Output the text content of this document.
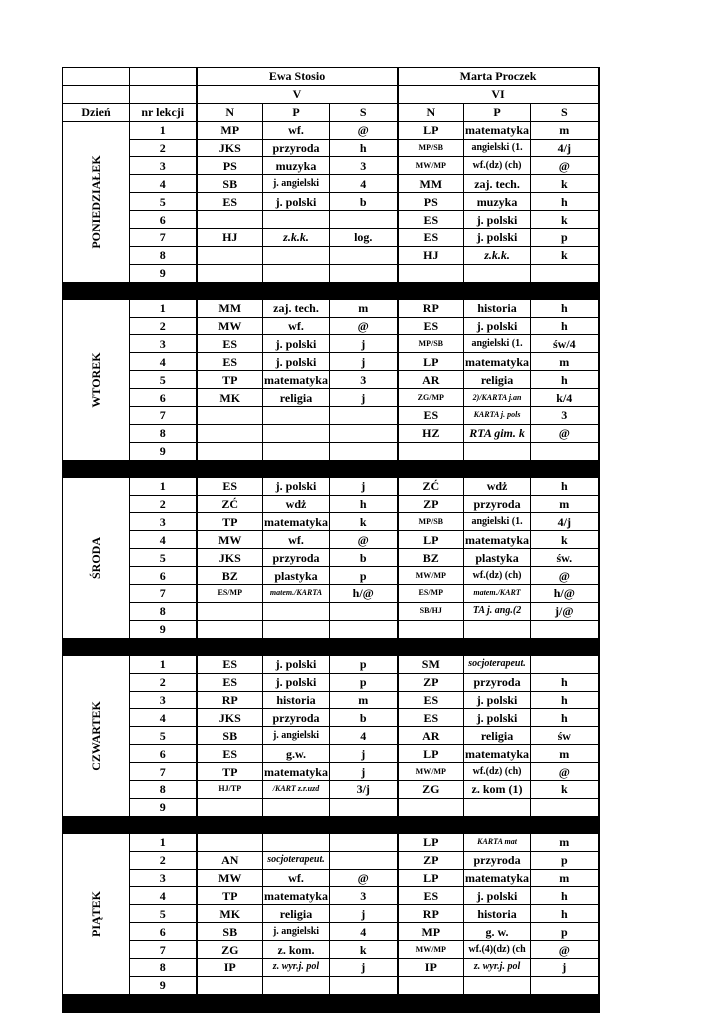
		Ewa Stosio			Marta Proczek		
		V			VI		
Dzień	nr lekcji	N	P	S	N	P	S

PONIEDZIAŁEK	1	MP	wf.	@	LP	matematyka	m
	2	JKS	przyroda	h	MP/SB	angielski (1.	4/j
	3	PS	muzyka	3	MW/MP	wf.(dz) (ch)	@
	4	SB	j. angielski	4	MM	zaj. tech.	k
	5	ES	j. polski	b	PS	muzyka	h
	6				ES	j. polski	k
	7	HJ	z.k.k.	log.	ES	j. polski	p
	8				HJ	z.k.k.	k
	9						

WTOREK	1	MM	zaj. tech.	m	RP	historia	h
	2	MW	wf.	@	ES	j. polski	h
	3	ES	j. polski	j	MP/SB	angielski (1.	św/4
	4	ES	j. polski	j	LP	matematyka	m
	5	TP	matematyka	3	AR	religia	h
	6	MK	religia	j	ZG/MP	2)/KARTA j.an	k/4
	7				ES	KARTA j. pols	3
	8				HZ	RTA gim. k	@
	9						

ŚRODA	1	ES	j. polski	j	ZĆ	wdż	h
	2	ZĆ	wdż	h	ZP	przyroda	m
	3	TP	matematyka	k	MP/SB	angielski (1.	4/j
	4	MW	wf.	@	LP	matematyka	k
	5	JKS	przyroda	b	BZ	plastyka	św.
	6	BZ	plastyka	p	MW/MP	wf.(dz) (ch)	@
	7	ES/MP	matem./KARTA	h/@	ES/MP	matem./KART	h/@
	8				SB/HJ	TA j. ang.(2	j/@
	9						

CZWARTEK	1	ES	j. polski	p	SM	socjoterapeut.	
	2	ES	j. polski	p	ZP	przyroda	h
	3	RP	historia	m	ES	j. polski	h
	4	JKS	przyroda	b	ES	j. polski	h
	5	SB	j. angielski	4	AR	religia	św
	6	ES	g.w.	j	LP	matematyka	m
	7	TP	matematyka	j	MW/MP	wf.(dz) (ch)	@
	8	HJ/TP	/KART z.r.uzd	3/j	ZG	z. kom (1)	k
	9						

PIĄTEK	1				LP	KARTA mat	m
	2	AN	socjoterapeut.		ZP	przyroda	p
	3	MW	wf.	@	LP	matematyka	m
	4	TP	matematyka	3	ES	j. polski	h
	5	MK	religia	j	RP	historia	h
	6	SB	j. angielski	4	MP	g. w.	p
	7	ZG	z. kom.	k	MW/MP	wf.(4)(dz) (ch	@
	8	IP	z. wyr.j. pol	j	IP	z. wyr.j. pol	j
	9						
